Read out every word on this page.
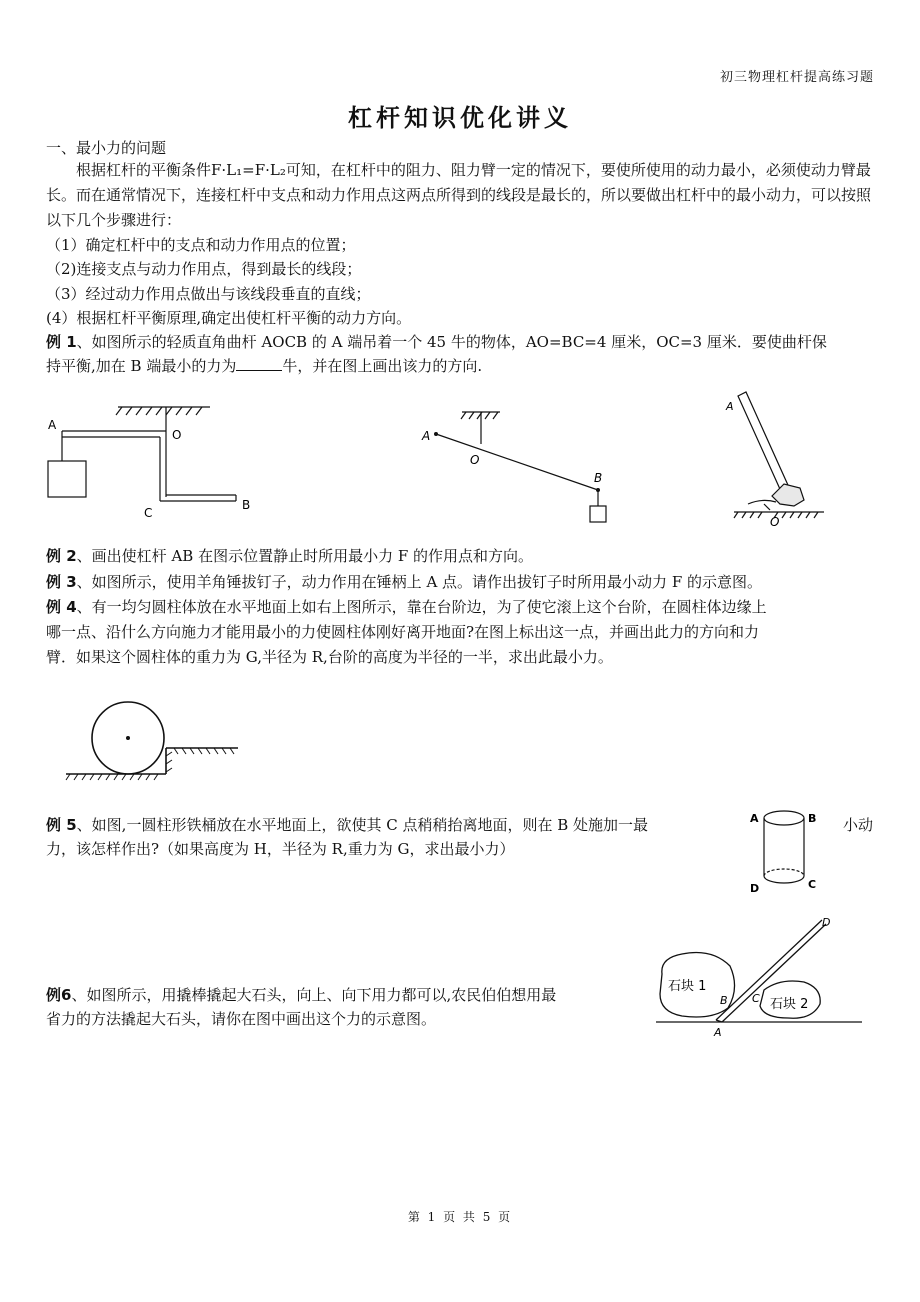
初三物理杠杆提高练习题
杠杆知识优化讲义
一、最小力的问题
根据杠杆的平衡条件F·L₁=F·L₂可知，在杠杆中的阻力、阻力臂一定的情况下，要使所使用的动力最小，必须使动力臂最长。而在通常情况下，连接杠杆中支点和动力作用点这两点所得到的线段是最长的，所以要做出杠杆中的最小动力，可以按照以下几个步骤进行：
（1）确定杠杆中的支点和动力作用点的位置；
（2)连接支点与动力作用点，得到最长的线段；
（3）经过动力作用点做出与该线段垂直的直线；
(4）根据杠杆平衡原理,确定出使杠杆平衡的动力方向。
例 1、如图所示的轻质直角曲杆 AOCB 的 A 端吊着一个 45 牛的物体，AO=BC=4 厘米，OC=3 厘米．要使曲杆保
持平衡,加在 B 端最小的力为	牛，并在图上画出该力的方向.
A
O
C
B
A
O
B
A
O
例 2、画出使杠杆 AB 在图示位置静止时所用最小力 F 的作用点和方向。
例 3、如图所示，使用羊角锤拔钉子，动力作用在锤柄上 A 点。请作出拔钉子时所用最小动力 F 的示意图。
例 4、有一均匀圆柱体放在水平地面上如右上图所示，靠在台阶边，为了使它滚上这个台阶，在圆柱体边缘上
哪一点、沿什么方向施力才能用最小的力使圆柱体刚好离开地面?在图上标出这一点，并画出此力的方向和力
臂．如果这个圆柱体的重力为 G,半径为 R,台阶的高度为半径的一半，求出此最小力。
例 5、如图,一圆柱形铁桶放在水平地面上，欲使其 C 点稍稍抬离地面，则在 B 处施加一最	小动
力，该怎样作出?（如果高度为 H，半径为 R,重力为 G，求出最小力）
A	B
C
D
例6、如图所示，用撬棒撬起大石头，向上、向下用力都可以,农民伯伯想用最
省力的方法撬起大石头，请你在图中画出这个力的示意图。
石块 1
石块 2
A
B C
D
第 1 页 共 5 页
